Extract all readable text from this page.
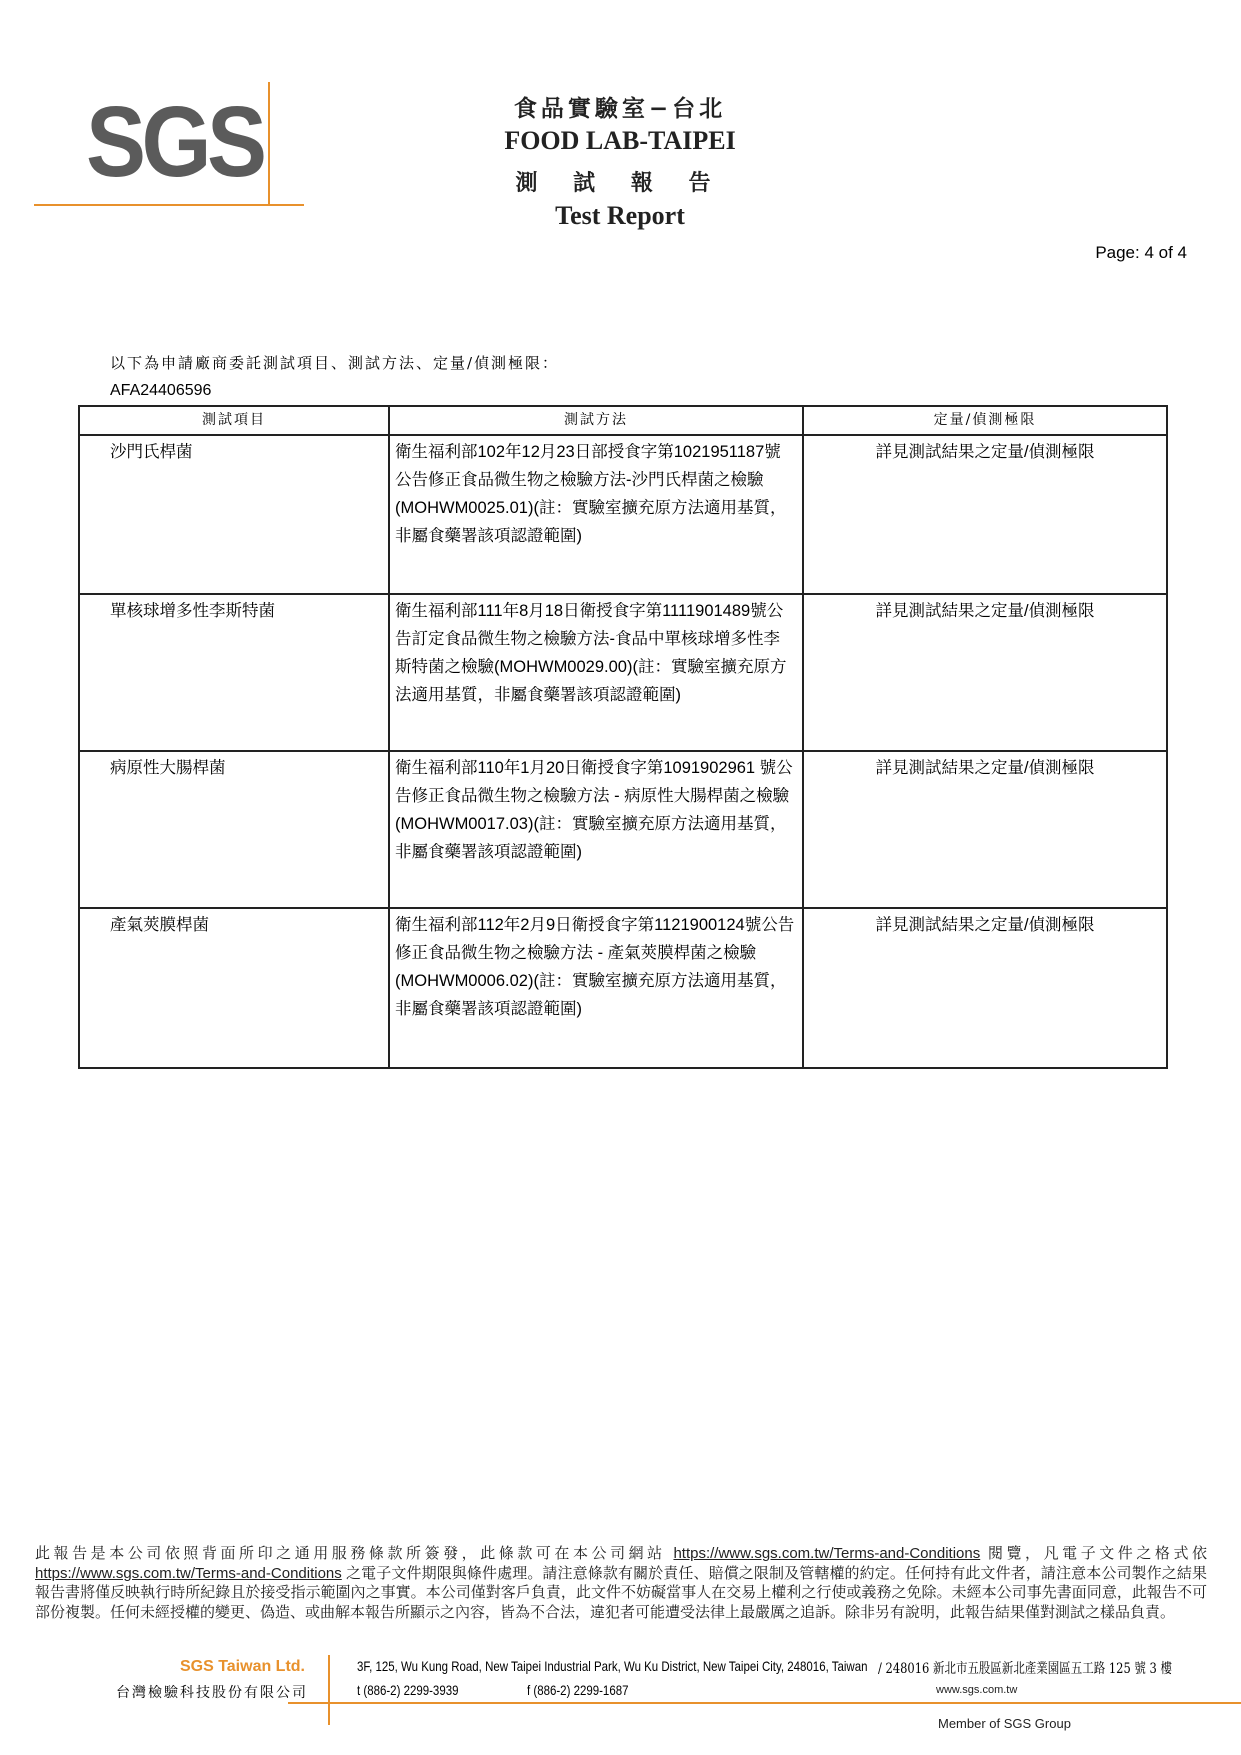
SGS	食品實驗室−台北
FOOD LAB-TAIPEI
測 試 報 告
Test Report
Page: 4 of 4
以下為申請廠商委託測試項目、測試方法、定量/偵測極限：
AFA24406596
測試項目	測試方法	定量/偵測極限
沙門氏桿菌	衛生福利部102年12月23日部授食字第1021951187號公告修正食品微生物之檢驗方法-沙門氏桿菌之檢驗(MOHWM0025.01)(註：實驗室擴充原方法適用基質，非屬食藥署該項認證範圍)	詳見測試結果之定量/偵測極限
單核球增多性李斯特菌	衛生福利部111年8月18日衛授食字第1111901489號公告訂定食品微生物之檢驗方法-食品中單核球增多性李斯特菌之檢驗(MOHWM0029.00)(註：實驗室擴充原方法適用基質，非屬食藥署該項認證範圍)	詳見測試結果之定量/偵測極限
病原性大腸桿菌	衛生福利部110年1月20日衛授食字第1091902961 號公告修正食品微生物之檢驗方法 - 病原性大腸桿菌之檢驗(MOHWM0017.03)(註：實驗室擴充原方法適用基質，非屬食藥署該項認證範圍)	詳見測試結果之定量/偵測極限
產氣莢膜桿菌	衛生福利部112年2月9日衛授食字第1121900124號公告修正食品微生物之檢驗方法 - 產氣莢膜桿菌之檢驗(MOHWM0006.02)(註：實驗室擴充原方法適用基質，非屬食藥署該項認證範圍)	詳見測試結果之定量/偵測極限
此報告是本公司依照背面所印之通用服務條款所簽發，此條款可在本公司網站 https://www.sgs.com.tw/Terms-and-Conditions 閱覽，凡電子文件之格式依https://www.sgs.com.tw/Terms-and-Conditions 之電子文件期限與條件處理。請注意條款有關於責任、賠償之限制及管轄權的約定。任何持有此文件者，請注意本公司製作之結果報告書將僅反映執行時所紀錄且於接受指示範圍內之事實。本公司僅對客戶負責，此文件不妨礙當事人在交易上權利之行使或義務之免除。未經本公司事先書面同意，此報告不可部份複製。任何未經授權的變更、偽造、或曲解本報告所顯示之內容，皆為不合法，違犯者可能遭受法律上最嚴厲之追訴。除非另有說明，此報告結果僅對測試之樣品負責。
SGS Taiwan Ltd.
台灣檢驗科技股份有限公司
3F, 125, Wu Kung Road, New Taipei Industrial Park, Wu Ku District, New Taipei City, 248016, Taiwan / 248016 新北市五股區新北產業園區五工路 125 號 3 樓
t (886-2) 2299-3939	f (886-2) 2299-1687	www.sgs.com.tw
Member of SGS Group
